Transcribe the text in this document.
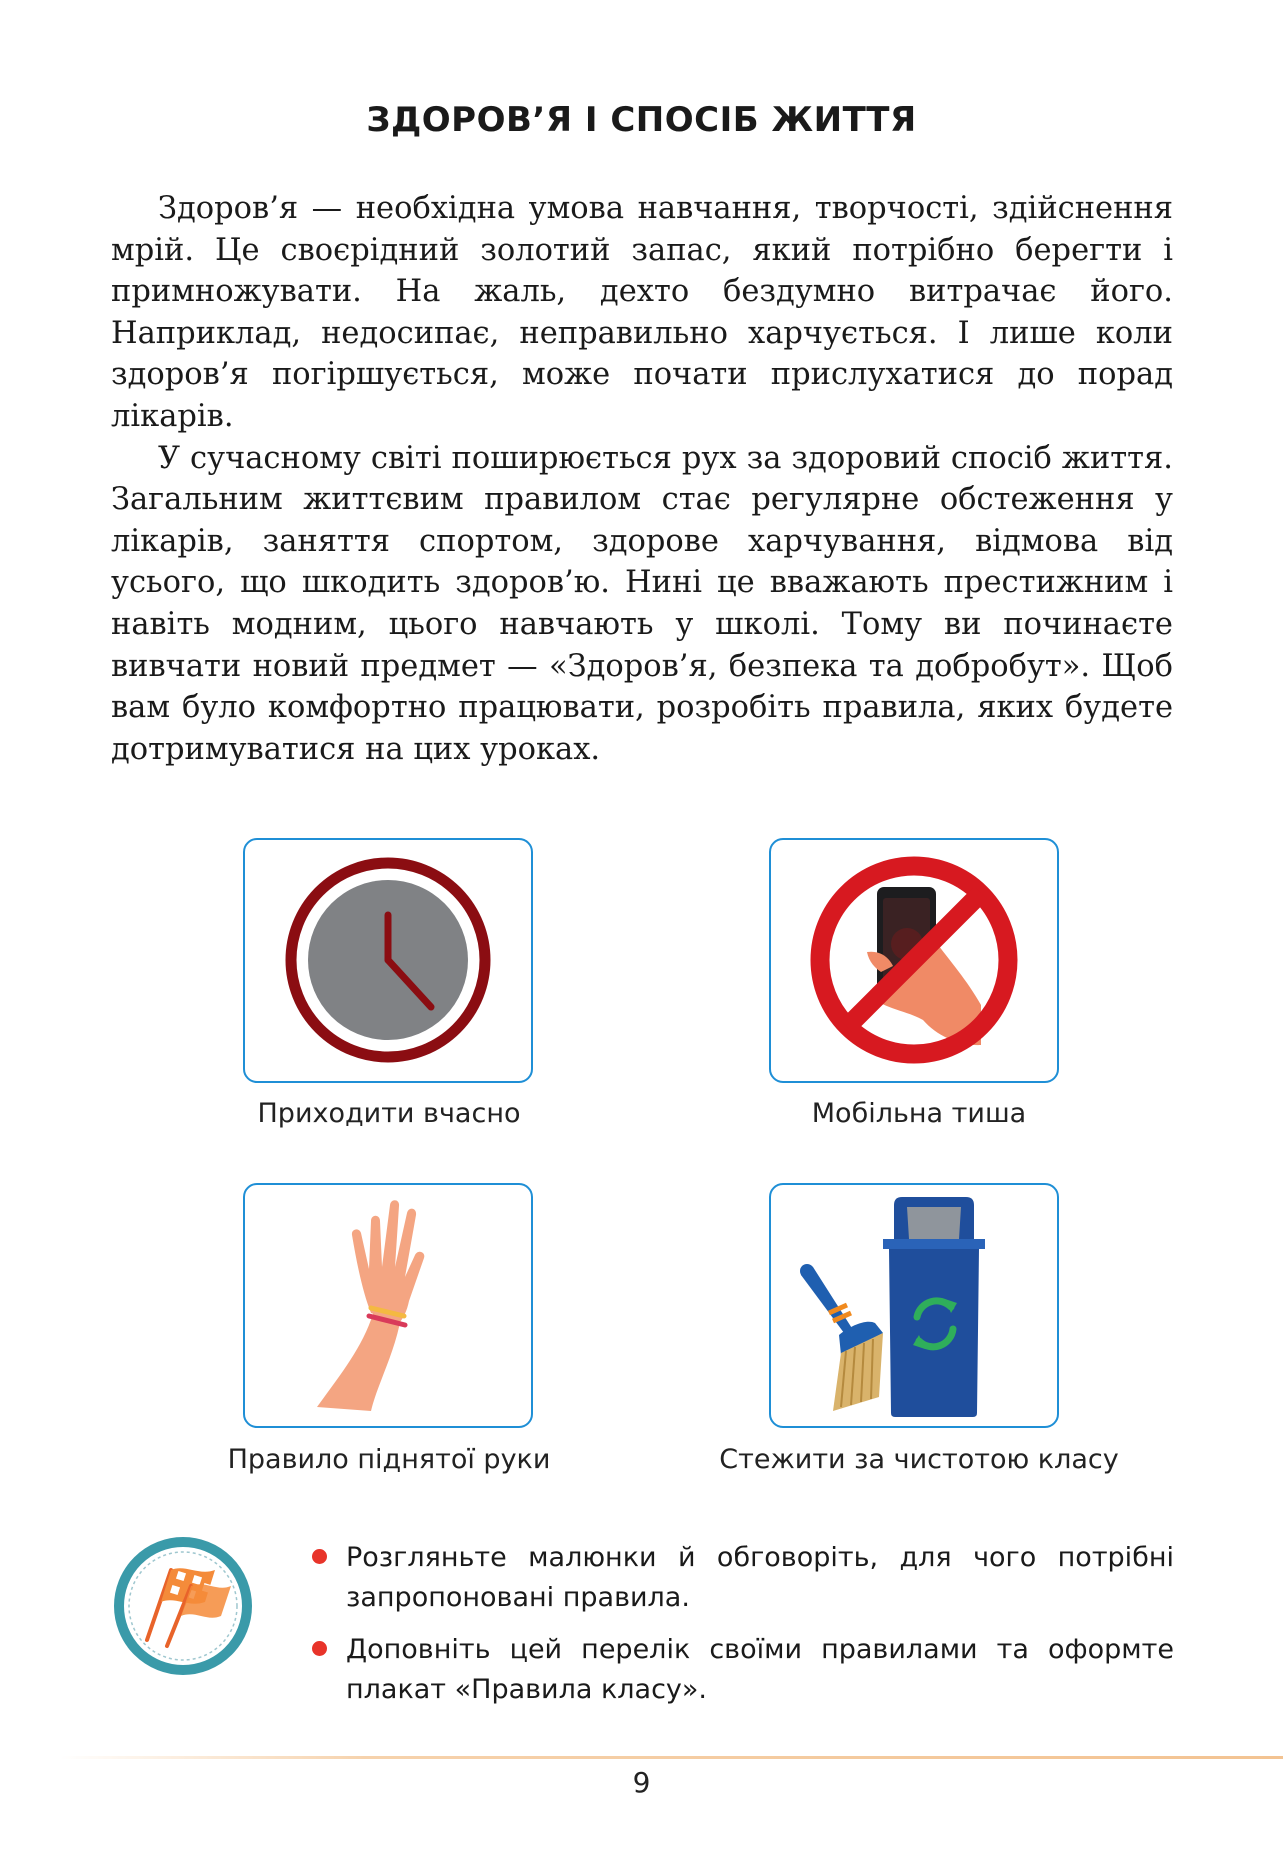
ЗДОРОВ’Я І СПОСІБ ЖИТТЯ

Здоров’я — необхідна умова навчання, творчості, здійснення мрій. Це своєрідний золотий запас, який потрібно берегти і примножувати. На жаль, дехто бездумно витрачає його. Наприклад, недосипає, неправильно харчується. І лише коли здоров’я погіршується, може почати прислухатися до порад лікарів.

У сучасному світі поширюється рух за здоровий спосіб життя. Загальним життєвим правилом стає регулярне обстеження у лікарів, заняття спортом, здорове харчування, відмова від усього, що шкодить здоров’ю. Нині це вважають престижним і навіть модним, цього навчають у школі. Тому ви починаєте вивчати новий предмет — «Здоров’я, безпека та добробут». Щоб вам було комфортно працювати, розробіть правила, яких будете дотримуватися на цих уроках.

Приходити вчасно	Мобільна тиша
Правило піднятої руки	Стежити за чистотою класу
Розгляньте малюнки й обговоріть, для чого потрібні запропоновані правила.
Доповніть цей перелік своїми правилами та оформте плакат «Правила класу».
9
